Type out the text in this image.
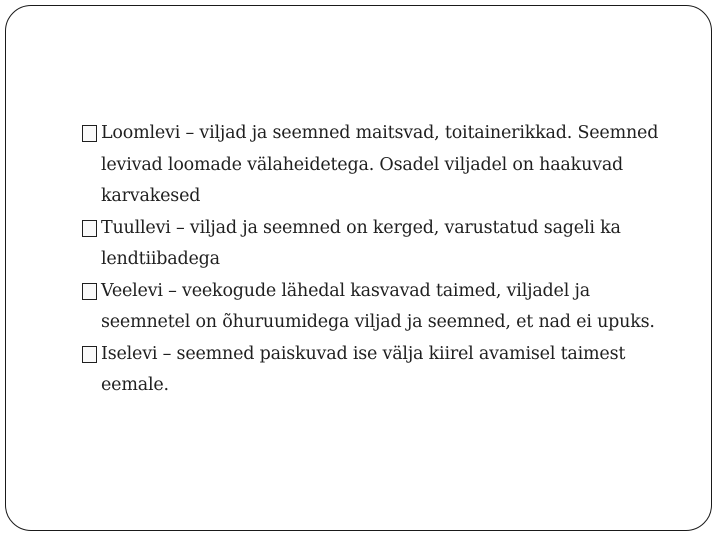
Loomlevi – viljad ja seemned maitsvad, toitainerikkad. Seemned levivad loomade välaheidetega. Osadel viljadel on haakuvad karvakesed
Tuullevi – viljad ja seemned on kerged, varustatud sageli ka lendtiibadega
Veelevi – veekogude lähedal kasvavad taimed, viljadel ja seemnetel on õhuruumidega viljad ja seemned, et nad ei upuks.
Iselevi – seemned paiskuvad ise välja kiirel avamisel taimest eemale.
